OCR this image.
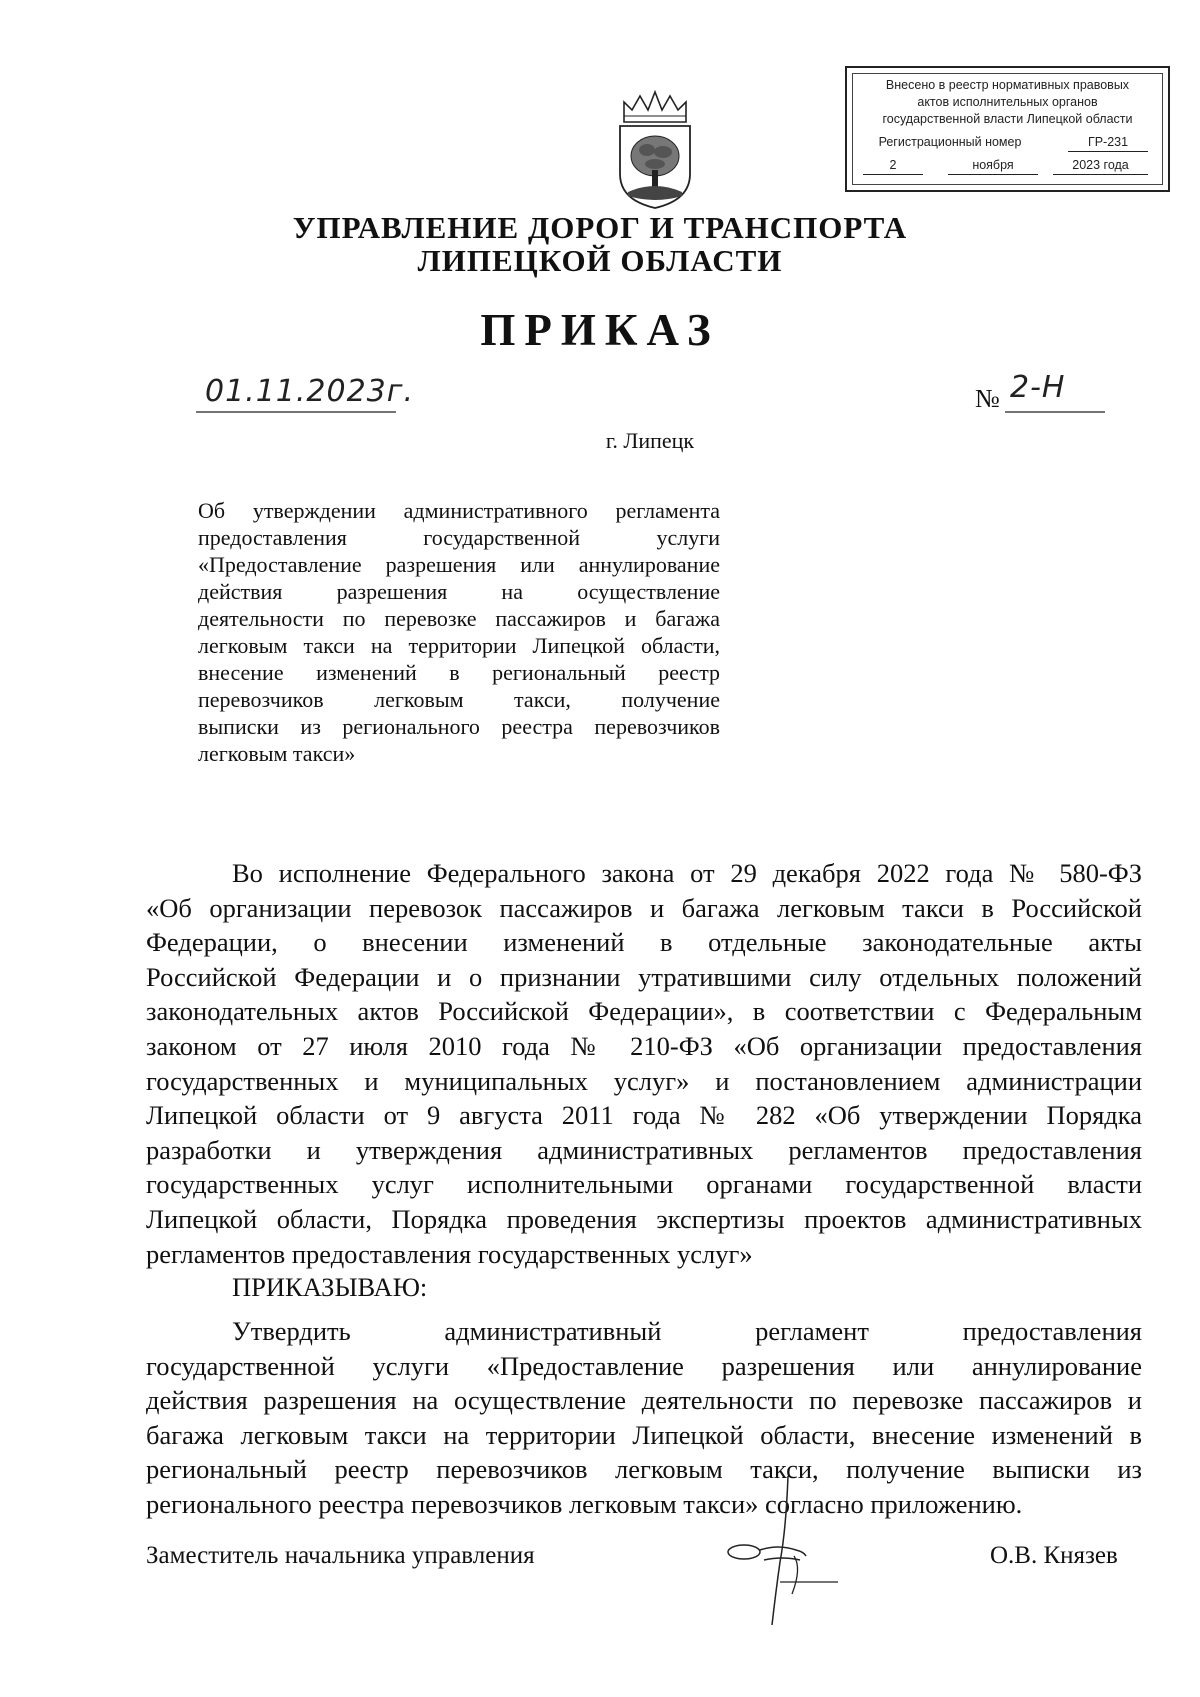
Внесено в реестр нормативных правовых
актов исполнительных органов
государственной власти Липецкой области
Регистрационный номер	ГР-231
2	ноября	2023 года
УПРАВЛЕНИЕ ДОРОГ И ТРАНСПОРТА
ЛИПЕЦКОЙ ОБЛАСТИ
ПРИКАЗ
01.11.2023г.	№ 2-Н
г. Липецк
Об утверждении административного регламента
предоставления государственной услуги
«Предоставление разрешения или аннулирование
действия разрешения на осуществление
деятельности по перевозке пассажиров и багажа
легковым такси на территории Липецкой области,
внесение изменений в региональный реестр
перевозчиков легковым такси, получение
выписки из регионального реестра перевозчиков
легковым такси»
Во исполнение Федерального закона от 29 декабря 2022 года № 580-ФЗ
«Об организации перевозок пассажиров и багажа легковым такси в Российской
Федерации, о внесении изменений в отдельные законодательные акты
Российской Федерации и о признании утратившими силу отдельных положений
законодательных актов Российской Федерации», в соответствии с Федеральным
законом от 27 июля 2010 года № 210-ФЗ «Об организации предоставления
государственных и муниципальных услуг» и постановлением администрации
Липецкой области от 9 августа 2011 года № 282 «Об утверждении Порядка
разработки и утверждения административных регламентов предоставления
государственных услуг исполнительными органами государственной власти
Липецкой области, Порядка проведения экспертизы проектов административных
регламентов предоставления государственных услуг»
ПРИКАЗЫВАЮ:
Утвердить административный регламент предоставления
государственной услуги «Предоставление разрешения или аннулирование
действия разрешения на осуществление деятельности по перевозке пассажиров и
багажа легковым такси на территории Липецкой области, внесение изменений в
региональный реестр перевозчиков легковым такси, получение выписки из
регионального реестра перевозчиков легковым такси» согласно приложению.
Заместитель начальника управления	О.В. Князев
